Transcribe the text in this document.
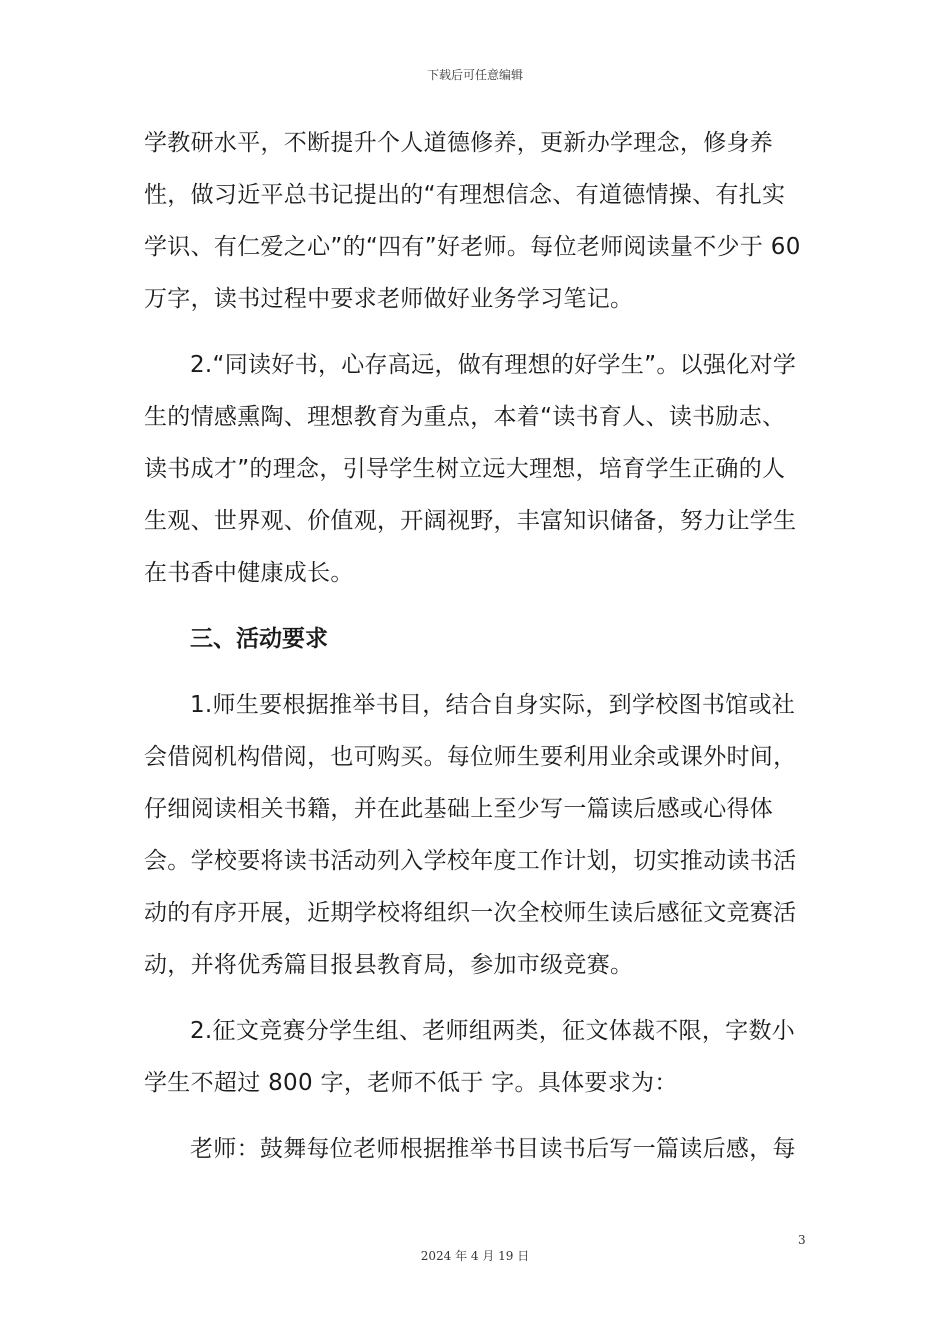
下载后可任意编辑

学教研水平，不断提升个人道德修养，更新办学理念，修身养性，做习近平总书记提出的“有理想信念、有道德情操、有扎实学识、有仁爱之心”的“四有”好老师。每位老师阅读量不少于 60 万字，读书过程中要求老师做好业务学习笔记。

2.“同读好书，心存高远，做有理想的好学生”。以强化对学生的情感熏陶、理想教育为重点，本着“读书育人、读书励志、读书成才”的理念，引导学生树立远大理想，培育学生正确的人生观、世界观、价值观，开阔视野，丰富知识储备，努力让学生在书香中健康成长。

三、活动要求

1.师生要根据推举书目，结合自身实际，到学校图书馆或社会借阅机构借阅，也可购买。每位师生要利用业余或课外时间，仔细阅读相关书籍，并在此基础上至少写一篇读后感或心得体会。学校要将读书活动列入学校年度工作计划，切实推动读书活动的有序开展，近期学校将组织一次全校师生读后感征文竞赛活动，并将优秀篇目报县教育局，参加市级竞赛。

2.征文竞赛分学生组、老师组两类，征文体裁不限，字数小学生不超过 800 字，老师不低于 字。具体要求为：

老师：鼓舞每位老师根据推举书目读书后写一篇读后感，每

3
2024 年 4 月 19 日
